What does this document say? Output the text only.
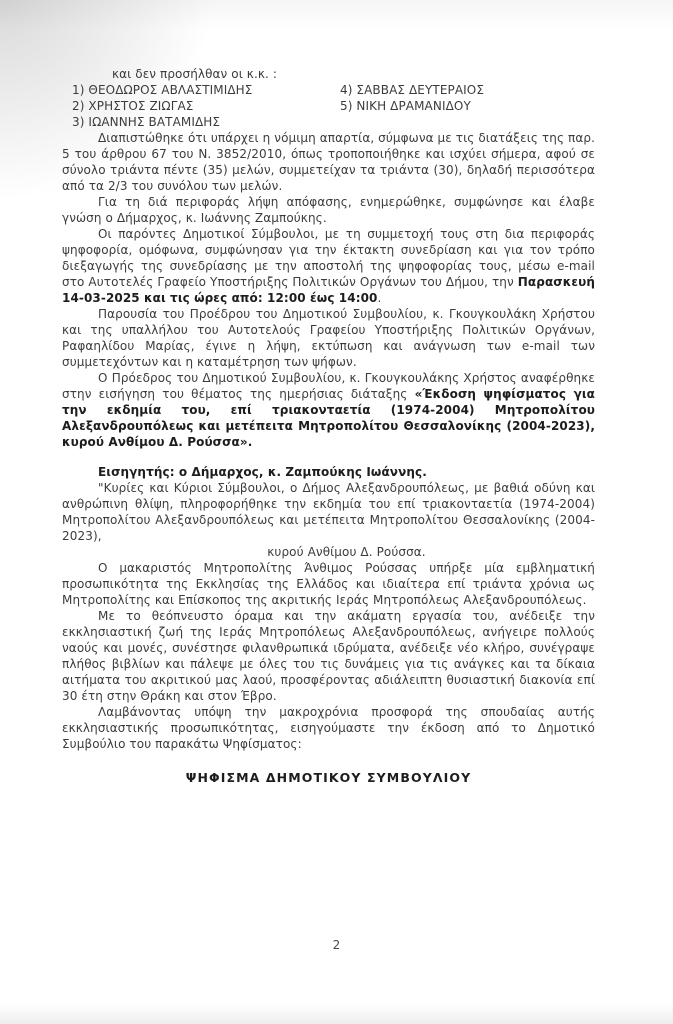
και δεν προσήλθαν οι κ.κ. :
1) ΘΕΟΔΩΡΟΣ ΑΒΛΑΣΤΙΜΙΔΗΣ
2) ΧΡΗΣΤΟΣ ΖΙΩΓΑΣ
3) ΙΩΑΝΝΗΣ ΒΑΤΑΜΙΔΗΣ
4) ΣΑΒΒΑΣ ΔΕΥΤΕΡΑΙΟΣ
5) ΝΙΚΗ ΔΡΑΜΑΝΙΔΟΥ

Διαπιστώθηκε ότι υπάρχει η νόμιμη απαρτία, σύμφωνα με τις διατάξεις της παρ. 5 του άρθρου 67 του Ν. 3852/2010, όπως τροποποιήθηκε και ισχύει σήμερα, αφού σε σύνολο τριάντα πέντε (35) μελών, συμμετείχαν τα τριάντα (30), δηλαδή περισσότερα από τα 2/3 του συνόλου των μελών.

Για τη διά περιφοράς λήψη απόφασης, ενημερώθηκε, συμφώνησε και έλαβε γνώση ο Δήμαρχος, κ. Ιωάννης Ζαμπούκης.

Οι παρόντες Δημοτικοί Σύμβουλοι, με τη συμμετοχή τους στη δια περιφοράς ψηφοφορία, ομόφωνα, συμφώνησαν για την έκτακτη συνεδρίαση και για τον τρόπο διεξαγωγής της συνεδρίασης με την αποστολή της ψηφοφορίας τους, μέσω e-mail στο Αυτοτελές Γραφείο Υποστήριξης Πολιτικών Οργάνων του Δήμου, την Παρασκευή 14-03-2025 και τις ώρες από: 12:00 έως 14:00.

Παρουσία του Προέδρου του Δημοτικού Συμβουλίου, κ. Γκουγκουλάκη Χρήστου και της υπαλλήλου του Αυτοτελούς Γραφείου Υποστήριξης Πολιτικών Οργάνων, Ραφαηλίδου Μαρίας, έγινε η λήψη, εκτύπωση και ανάγνωση των e-mail των συμμετεχόντων και η καταμέτρηση των ψήφων.

Ο Πρόεδρος του Δημοτικού Συμβουλίου, κ. Γκουγκουλάκης Χρήστος αναφέρθηκε στην εισήγηση του θέματος της ημερήσιας διάταξης «Έκδοση ψηφίσματος για την εκδημία του, επί τριακονταετία (1974-2004) Μητροπολίτου Αλεξανδρουπόλεως και μετέπειτα Μητροπολίτου Θεσσαλονίκης (2004-2023), κυρού Ανθίμου Δ. Ρούσσα».

Εισηγητής: ο Δήμαρχος, κ. Ζαμπούκης Ιωάννης.

"Κυρίες και Κύριοι Σύμβουλοι, ο Δήμος Αλεξανδρουπόλεως, με βαθιά οδύνη και ανθρώπινη θλίψη, πληροφορήθηκε την εκδημία του επί τριακονταετία (1974-2004) Μητροπολίτου Αλεξανδρουπόλεως και μετέπειτα Μητροπολίτου Θεσσαλονίκης (2004-2023),

κυρού Ανθίμου Δ. Ρούσσα.

Ο μακαριστός Μητροπολίτης Άνθιμος Ρούσσας υπήρξε μία εμβληματική προσωπικότητα της Εκκλησίας της Ελλάδος και ιδιαίτερα επί τριάντα χρόνια ως Μητροπολίτης και Επίσκοπος της ακριτικής Ιεράς Μητροπόλεως Αλεξανδρουπόλεως.

Με το θεόπνευστο όραμα και την ακάματη εργασία του, ανέδειξε την εκκλησιαστική ζωή της Ιεράς Μητροπόλεως Αλεξανδρουπόλεως, ανήγειρε πολλούς ναούς και μονές, συνέστησε φιλανθρωπικά ιδρύματα, ανέδειξε νέο κλήρο, συνέγραψε πλήθος βιβλίων και πάλεψε με όλες του τις δυνάμεις για τις ανάγκες και τα δίκαια αιτήματα του ακριτικού μας λαού, προσφέροντας αδιάλειπτη θυσιαστική διακονία επί 30 έτη στην Θράκη και στον Έβρο.

Λαμβάνοντας υπόψη την μακροχρόνια προσφορά της σπουδαίας αυτής εκκλησιαστικής προσωπικότητας, εισηγούμαστε την έκδοση από το Δημοτικό Συμβούλιο του παρακάτω Ψηφίσματος:

ΨΗΦΙΣΜΑ ΔΗΜΟΤΙΚΟΥ ΣΥΜΒΟΥΛΙΟΥ

2
